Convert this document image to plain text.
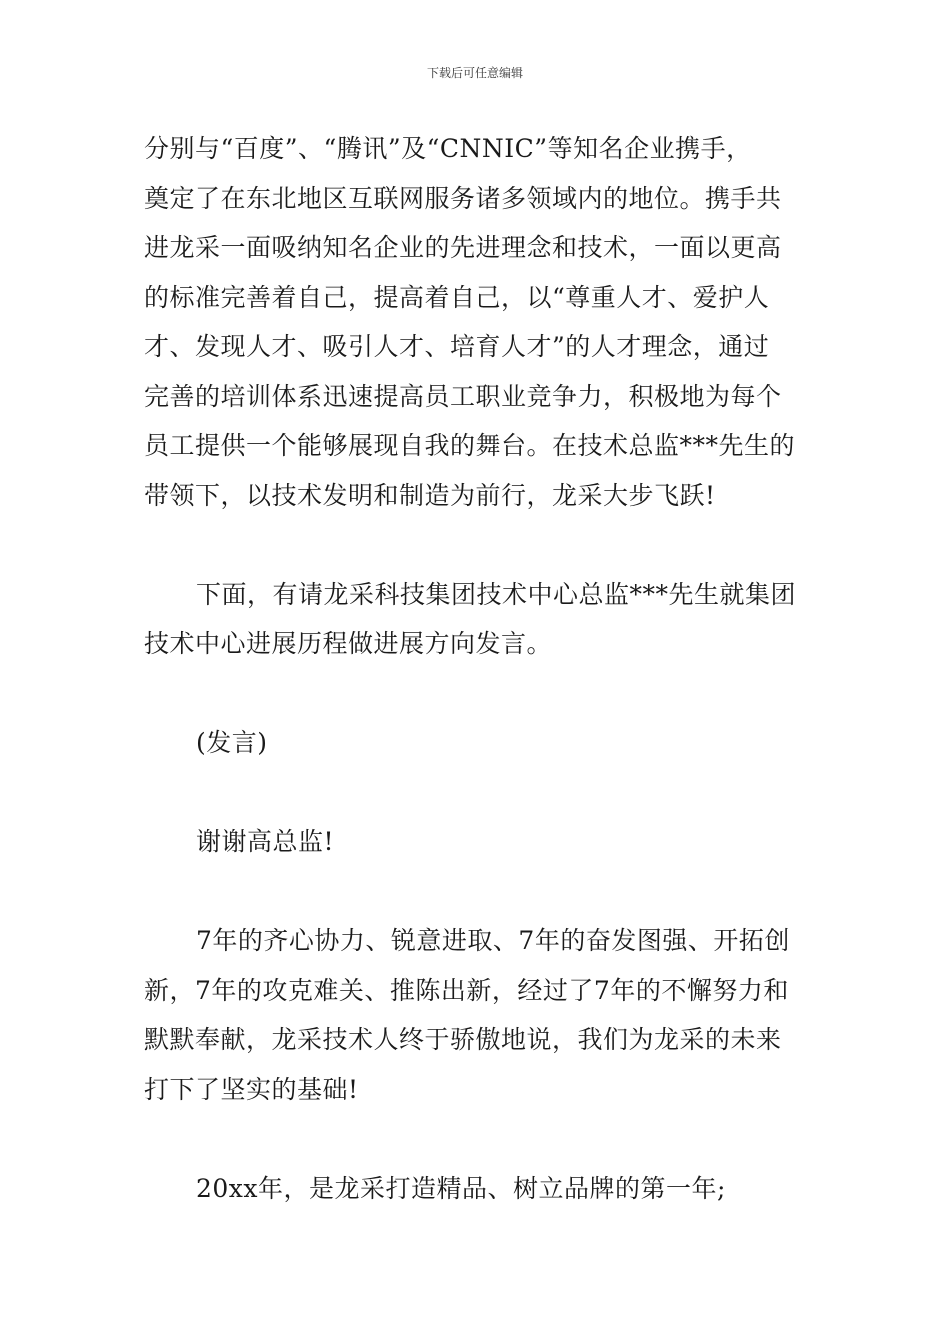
下载后可任意编辑
分别与“百度”、“腾讯”及“CNNIC”等知名企业携手，
奠定了在东北地区互联网服务诸多领域内的地位。携手共
进龙采一面吸纳知名企业的先进理念和技术，一面以更高
的标准完善着自己，提高着自己，以“尊重人才、爱护人
才、发现人才、吸引人才、培育人才”的人才理念，通过
完善的培训体系迅速提高员工职业竞争力，积极地为每个
员工提供一个能够展现自我的舞台。在技术总监***先生的
带领下，以技术发明和制造为前行，龙采大步飞跃!
下面，有请龙采科技集团技术中心总监***先生就集团
技术中心进展历程做进展方向发言。
(发言)
谢谢高总监!
7年的齐心协力、锐意进取、7年的奋发图强、开拓创
新，7年的攻克难关、推陈出新，经过了7年的不懈努力和
默默奉献，龙采技术人终于骄傲地说，我们为龙采的未来
打下了坚实的基础!
20xx年，是龙采打造精品、树立品牌的第一年;
